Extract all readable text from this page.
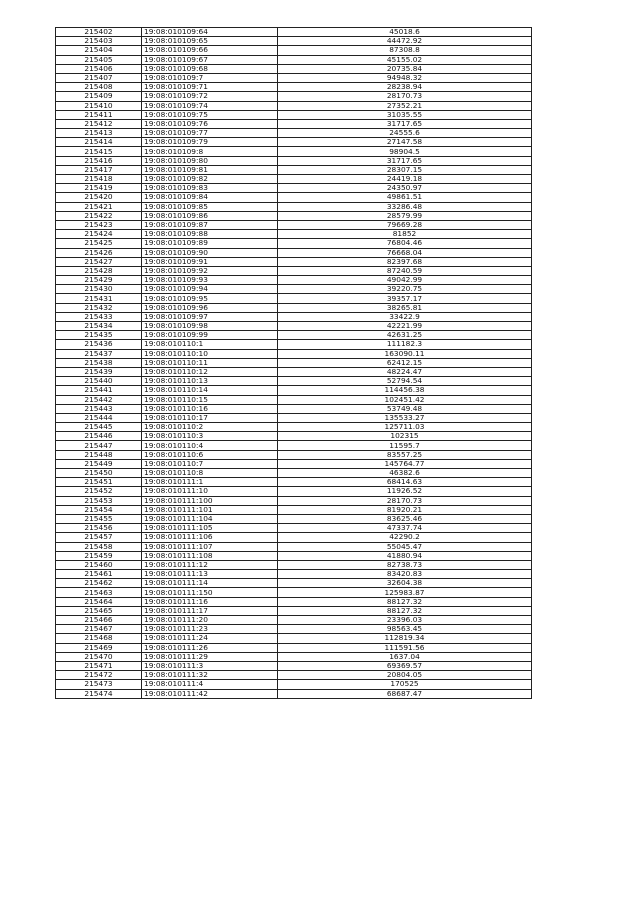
215402	19:08:010109:64	45018.6
215403	19:08:010109:65	44472.92
215404	19:08:010109:66	87308.8
215405	19:08:010109:67	45155.02
215406	19:08:010109:68	20735.84
215407	19:08:010109:7	94948.32
215408	19:08:010109:71	28238.94
215409	19:08:010109:72	28170.73
215410	19:08:010109:74	27352.21
215411	19:08:010109:75	31035.55
215412	19:08:010109:76	31717.65
215413	19:08:010109:77	24555.6
215414	19:08:010109:79	27147.58
215415	19:08:010109:8	98904.5
215416	19:08:010109:80	31717.65
215417	19:08:010109:81	28307.15
215418	19:08:010109:82	24419.18
215419	19:08:010109:83	24350.97
215420	19:08:010109:84	49861.51
215421	19:08:010109:85	33286.48
215422	19:08:010109:86	28579.99
215423	19:08:010109:87	79669.28
215424	19:08:010109:88	81852
215425	19:08:010109:89	76804.46
215426	19:08:010109:90	76668.04
215427	19:08:010109:91	82397.68
215428	19:08:010109:92	87240.59
215429	19:08:010109:93	49042.99
215430	19:08:010109:94	39220.75
215431	19:08:010109:95	39357.17
215432	19:08:010109:96	38265.81
215433	19:08:010109:97	33422.9
215434	19:08:010109:98	42221.99
215435	19:08:010109:99	42631.25
215436	19:08:010110:1	111182.3
215437	19:08:010110:10	163090.11
215438	19:08:010110:11	62412.15
215439	19:08:010110:12	48224.47
215440	19:08:010110:13	52794.54
215441	19:08:010110:14	114456.38
215442	19:08:010110:15	102451.42
215443	19:08:010110:16	53749.48
215444	19:08:010110:17	135533.27
215445	19:08:010110:2	125711.03
215446	19:08:010110:3	102315
215447	19:08:010110:4	11595.7
215448	19:08:010110:6	83557.25
215449	19:08:010110:7	145764.77
215450	19:08:010110:8	46382.6
215451	19:08:010111:1	68414.63
215452	19:08:010111:10	11926.52
215453	19:08:010111:100	28170.73
215454	19:08:010111:101	81920.21
215455	19:08:010111:104	83625.46
215456	19:08:010111:105	47337.74
215457	19:08:010111:106	42290.2
215458	19:08:010111:107	55045.47
215459	19:08:010111:108	41880.94
215460	19:08:010111:12	82738.73
215461	19:08:010111:13	83420.83
215462	19:08:010111:14	32604.38
215463	19:08:010111:150	125983.87
215464	19:08:010111:16	88127.32
215465	19:08:010111:17	88127.32
215466	19:08:010111:20	23396.03
215467	19:08:010111:23	98563.45
215468	19:08:010111:24	112819.34
215469	19:08:010111:26	111591.56
215470	19:08:010111:29	1637.04
215471	19:08:010111:3	69369.57
215472	19:08:010111:32	20804.05
215473	19:08:010111:4	170525
215474	19:08:010111:42	68687.47
